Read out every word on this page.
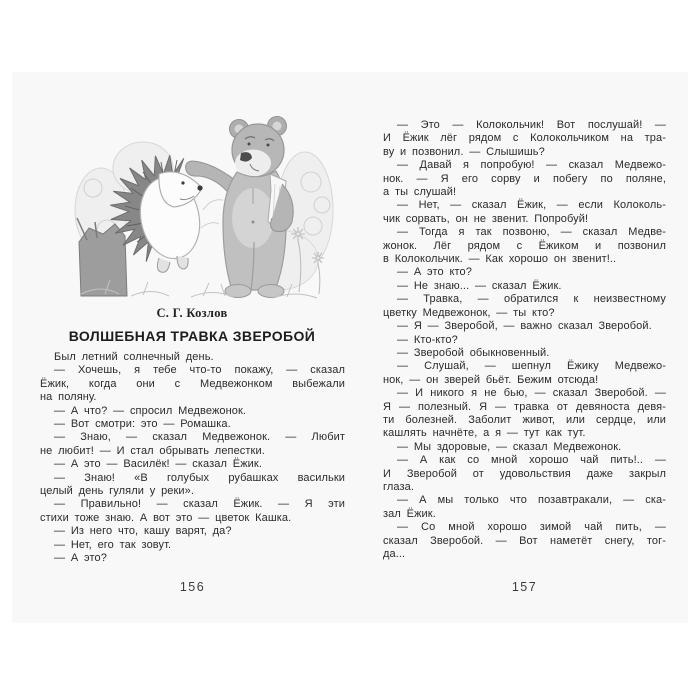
С. Г. Козлов
ВОЛШЕБНАЯ ТРАВКА ЗВЕРОБОЙ
Был летний солнечный день.
— Хочешь, я тебе что-то покажу, — сказал
Ёжик, когда они с Медвежонком выбежали
на поляну.
— А что? — спросил Медвежонок.
— Вот смотри: это — Ромашка.
— Знаю, — сказал Медвежонок. — Любит
не любит! — И стал обрывать лепестки.
— А это — Василёк! — сказал Ёжик.
— Знаю! «В голубых рубашках васильки
целый день гуляли у реки».
— Правильно! — сказал Ёжик. — Я эти
стихи тоже знаю. А вот это — цветок Кашка.
— Из него что, кашу варят, да?
— Нет, его так зовут.
— А это?
156
— Это — Колокольчик! Вот послушай! —
И Ёжик лёг рядом с Колокольчиком на тра-
ву и позвонил. — Слышишь?
— Давай я попробую! — сказал Медвежо-
нок. — Я его сорву и побегу по поляне,
а ты слушай!
— Нет, — сказал Ёжик, — если Колоколь-
чик сорвать, он не звенит. Попробуй!
— Тогда я так позвоню, — сказал Медве-
жонок. Лёг рядом с Ёжиком и позвонил
в Колокольчик. — Как хорошо он звенит!..
— А это кто?
— Не знаю... — сказал Ёжик.
— Травка, — обратился к неизвестному
цветку Медвежонок, — ты кто?
— Я — Зверобой, — важно сказал Зверобой.
— Кто-кто?
— Зверобой обыкновенный.
— Слушай, — шепнул Ёжику Медвежо-
нок, — он зверей бьёт. Бежим отсюда!
— И никого я не бью, — сказал Зверобой. —
Я — полезный. Я — травка от девяноста девя-
ти болезней. Заболит живот, или сердце, или
кашлять начнёте, а я — тут как тут.
— Мы здоровые, — сказал Медвежонок.
— А как со мной хорошо чай пить!.. —
И Зверобой от удовольствия даже закрыл
глаза.
— А мы только что позавтракали, — ска-
зал Ёжик.
— Со мной хорошо зимой чай пить, —
сказал Зверобой. — Вот наметёт снегу, тог-
да...
157
